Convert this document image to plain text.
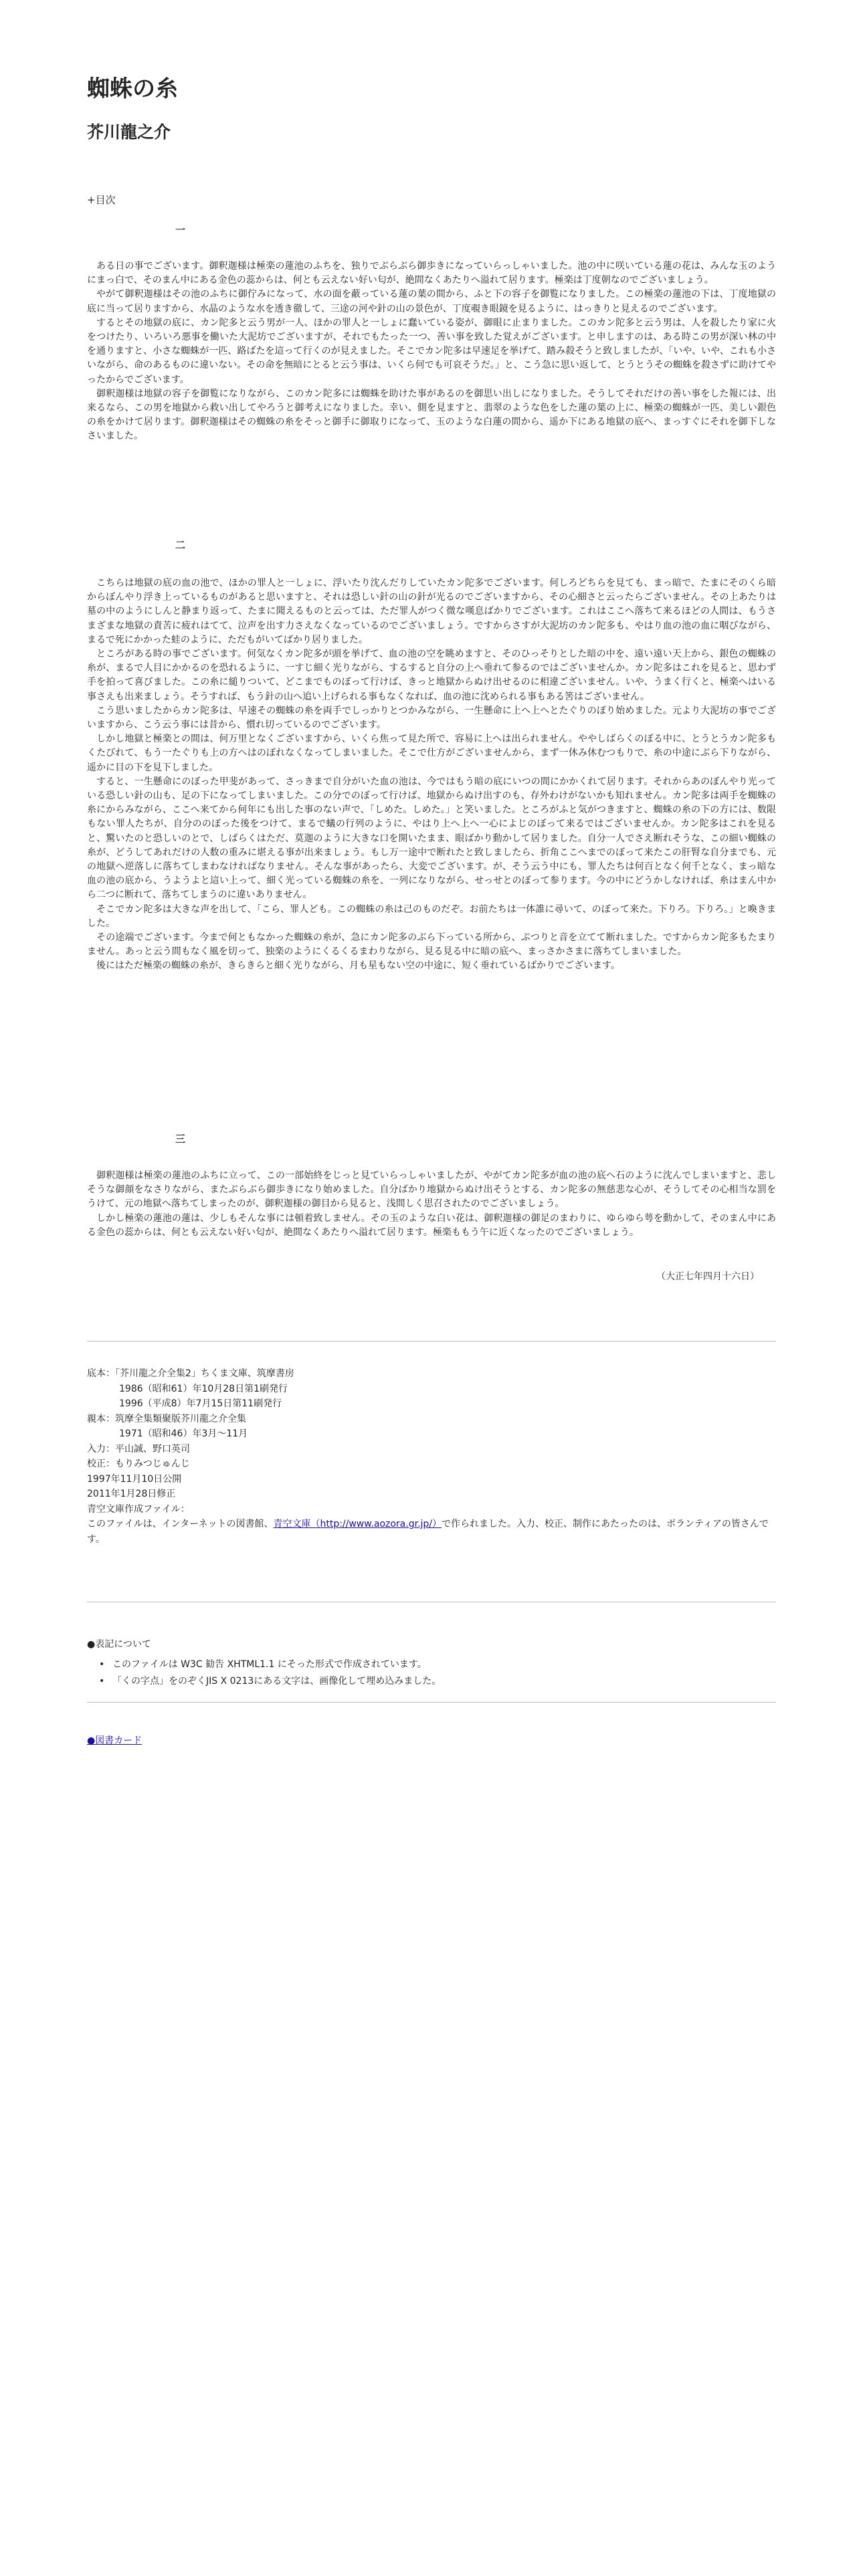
蜘蛛の糸
芥川龍之介
+目次
一

ある日の事でございます。御釈迦様は極楽の蓮池のふちを、独りでぶらぶら御歩きになっていらっしゃいました。池の中に咲いている蓮の花は、みんな玉のようにまっ白で、そのまん中にある金色の蕊からは、何とも云えない好い匂が、絶間なくあたりへ溢れて居ります。極楽は丁度朝なのでございましょう。

やがて御釈迦様はその池のふちに御佇みになって、水の面を蔽っている蓮の葉の間から、ふと下の容子を御覧になりました。この極楽の蓮池の下は、丁度地獄の底に当って居りますから、水晶のような水を透き徹して、三途の河や針の山の景色が、丁度覗き眼鏡を見るように、はっきりと見えるのでございます。

するとその地獄の底に、カン陀多と云う男が一人、ほかの罪人と一しょに蠢いている姿が、御眼に止まりました。このカン陀多と云う男は、人を殺したり家に火をつけたり、いろいろ悪事を働いた大泥坊でございますが、それでもたった一つ、善い事を致した覚えがございます。と申しますのは、ある時この男が深い林の中を通りますと、小さな蜘蛛が一匹、路ばたを這って行くのが見えました。そこでカン陀多は早速足を挙げて、踏み殺そうと致しましたが、「いや、いや、これも小さいながら、命のあるものに違いない。その命を無暗にとると云う事は、いくら何でも可哀そうだ。」と、こう急に思い返して、とうとうその蜘蛛を殺さずに助けてやったからでございます。

御釈迦様は地獄の容子を御覧になりながら、このカン陀多には蜘蛛を助けた事があるのを御思い出しになりました。そうしてそれだけの善い事をした報には、出来るなら、この男を地獄から救い出してやろうと御考えになりました。幸い、側を見ますと、翡翠のような色をした蓮の葉の上に、極楽の蜘蛛が一匹、美しい銀色の糸をかけて居ります。御釈迦様はその蜘蛛の糸をそっと御手に御取りになって、玉のような白蓮の間から、遥か下にある地獄の底へ、まっすぐにそれを御下しなさいました。

二

こちらは地獄の底の血の池で、ほかの罪人と一しょに、浮いたり沈んだりしていたカン陀多でございます。何しろどちらを見ても、まっ暗で、たまにそのくら暗からぼんやり浮き上っているものがあると思いますと、それは恐しい針の山の針が光るのでございますから、その心細さと云ったらございません。その上あたりは墓の中のようにしんと静まり返って、たまに聞えるものと云っては、ただ罪人がつく微な嘆息ばかりでございます。これはここへ落ちて来るほどの人間は、もうさまざまな地獄の責苦に疲れはてて、泣声を出す力さえなくなっているのでございましょう。ですからさすが大泥坊のカン陀多も、やはり血の池の血に咽びながら、まるで死にかかった蛙のように、ただもがいてばかり居りました。

ところがある時の事でございます。何気なくカン陀多が頭を挙げて、血の池の空を眺めますと、そのひっそりとした暗の中を、遠い遠い天上から、銀色の蜘蛛の糸が、まるで人目にかかるのを恐れるように、一すじ細く光りながら、するすると自分の上へ垂れて参るのではございませんか。カン陀多はこれを見ると、思わず手を拍って喜びました。この糸に縋りついて、どこまでものぼって行けば、きっと地獄からぬけ出せるのに相違ございません。いや、うまく行くと、極楽へはいる事さえも出来ましょう。そうすれば、もう針の山へ追い上げられる事もなくなれば、血の池に沈められる事もある筈はございません。

こう思いましたからカン陀多は、早速その蜘蛛の糸を両手でしっかりとつかみながら、一生懸命に上へ上へとたぐりのぼり始めました。元より大泥坊の事でございますから、こう云う事には昔から、慣れ切っているのでございます。

しかし地獄と極楽との間は、何万里となくございますから、いくら焦って見た所で、容易に上へは出られません。ややしばらくのぼる中に、とうとうカン陀多もくたびれて、もう一たぐりも上の方へはのぼれなくなってしまいました。そこで仕方がございませんから、まず一休み休むつもりで、糸の中途にぶら下りながら、遥かに目の下を見下しました。

すると、一生懸命にのぼった甲斐があって、さっきまで自分がいた血の池は、今ではもう暗の底にいつの間にかかくれて居ります。それからあのぼんやり光っている恐しい針の山も、足の下になってしまいました。この分でのぼって行けば、地獄からぬけ出すのも、存外わけがないかも知れません。カン陀多は両手を蜘蛛の糸にからみながら、ここへ来てから何年にも出した事のない声で、「しめた。しめた。」と笑いました。ところがふと気がつきますと、蜘蛛の糸の下の方には、数限もない罪人たちが、自分ののぼった後をつけて、まるで蟻の行列のように、やはり上へ上へ一心によじのぼって来るではございませんか。カン陀多はこれを見ると、驚いたのと恐しいのとで、しばらくはただ、莫迦のように大きな口を開いたまま、眼ばかり動かして居りました。自分一人でさえ断れそうな、この細い蜘蛛の糸が、どうしてあれだけの人数の重みに堪える事が出来ましょう。もし万一途中で断れたと致しましたら、折角ここへまでのぼって来たこの肝腎な自分までも、元の地獄へ逆落しに落ちてしまわなければなりません。そんな事があったら、大変でございます。が、そう云う中にも、罪人たちは何百となく何千となく、まっ暗な血の池の底から、うようよと這い上って、細く光っている蜘蛛の糸を、一列になりながら、せっせとのぼって参ります。今の中にどうかしなければ、糸はまん中から二つに断れて、落ちてしまうのに違いありません。

そこでカン陀多は大きな声を出して、「こら、罪人ども。この蜘蛛の糸は己のものだぞ。お前たちは一体誰に尋いて、のぼって来た。下りろ。下りろ。」と喚きました。

その途端でございます。今まで何ともなかった蜘蛛の糸が、急にカン陀多のぶら下っている所から、ぷつりと音を立てて断れました。ですからカン陀多もたまりません。あっと云う間もなく風を切って、独楽のようにくるくるまわりながら、見る見る中に暗の底へ、まっさかさまに落ちてしまいました。

後にはただ極楽の蜘蛛の糸が、きらきらと細く光りながら、月も星もない空の中途に、短く垂れているばかりでございます。

三

御釈迦様は極楽の蓮池のふちに立って、この一部始終をじっと見ていらっしゃいましたが、やがてカン陀多が血の池の底へ石のように沈んでしまいますと、悲しそうな御顔をなさりながら、またぶらぶら御歩きになり始めました。自分ばかり地獄からぬけ出そうとする、カン陀多の無慈悲な心が、そうしてその心相当な罰をうけて、元の地獄へ落ちてしまったのが、御釈迦様の御目から見ると、浅間しく思召されたのでございましょう。

しかし極楽の蓮池の蓮は、少しもそんな事には頓着致しません。その玉のような白い花は、御釈迦様の御足のまわりに、ゆらゆら萼を動かして、そのまん中にある金色の蕊からは、何とも云えない好い匂が、絶間なくあたりへ溢れて居ります。極楽ももう午に近くなったのでございましょう。

（大正七年四月十六日）
底本：「芥川龍之介全集2」ちくま文庫、筑摩書房
1986（昭和61）年10月28日第1刷発行
1996（平成8）年7月15日第11刷発行
親本：筑摩全集類聚版芥川龍之介全集
1971（昭和46）年3月〜11月
入力：平山誠、野口英司
校正：もりみつじゅんじ
1997年11月10日公開
2011年1月28日修正
青空文庫作成ファイル：
このファイルは、インターネットの図書館、青空文庫（http://www.aozora.gr.jp/）で作られました。入力、校正、制作にあたったのは、ボランティアの皆さんです。
●表記について
• このファイルは W3C 勧告 XHTML1.1 にそった形式で作成されています。
• 「くの字点」をのぞくJIS X 0213にある文字は、画像化して埋め込みました。
●図書カード
